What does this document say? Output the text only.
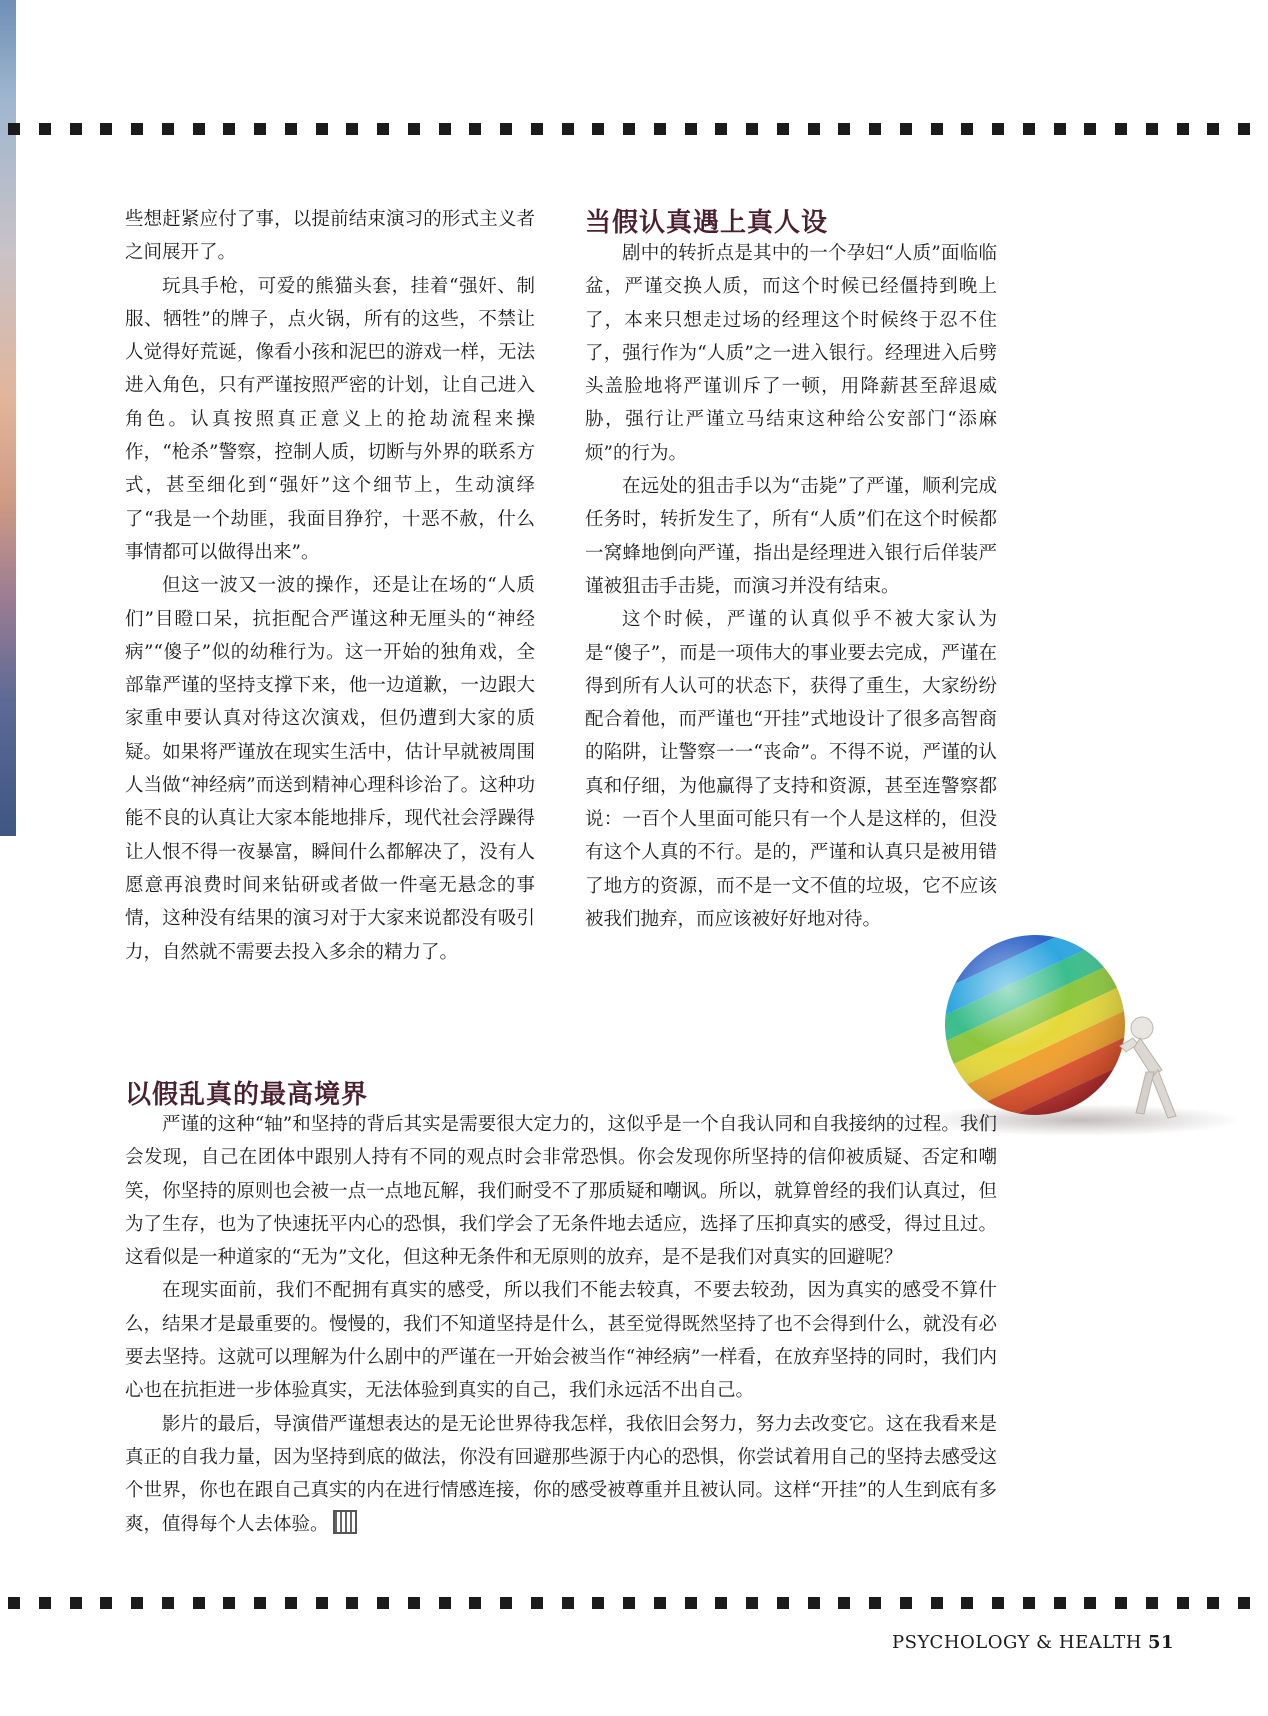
些想赶紧应付了事，以提前结束演习的形式主义者之间展开了。

玩具手枪，可爱的熊猫头套，挂着“强奸、制服、牺牲”的牌子，点火锅，所有的这些，不禁让人觉得好荒诞，像看小孩和泥巴的游戏一样，无法进入角色，只有严谨按照严密的计划，让自己进入角色。认真按照真正意义上的抢劫流程来操作，“枪杀”警察，控制人质，切断与外界的联系方式，甚至细化到“强奸”这个细节上，生动演绎了“我是一个劫匪，我面目狰狞，十恶不赦，什么事情都可以做得出来”。

但这一波又一波的操作，还是让在场的“人质们”目瞪口呆，抗拒配合严谨这种无厘头的“神经病”“傻子”似的幼稚行为。这一开始的独角戏，全部靠严谨的坚持支撑下来，他一边道歉，一边跟大家重申要认真对待这次演戏，但仍遭到大家的质疑。如果将严谨放在现实生活中，估计早就被周围人当做“神经病”而送到精神心理科诊治了。这种功能不良的认真让大家本能地排斥，现代社会浮躁得让人恨不得一夜暴富，瞬间什么都解决了，没有人愿意再浪费时间来钻研或者做一件毫无悬念的事情，这种没有结果的演习对于大家来说都没有吸引力，自然就不需要去投入多余的精力了。

当假认真遇上真人设

剧中的转折点是其中的一个孕妇“人质”面临临盆，严谨交换人质，而这个时候已经僵持到晚上了，本来只想走过场的经理这个时候终于忍不住了，强行作为“人质”之一进入银行。经理进入后劈头盖脸地将严谨训斥了一顿，用降薪甚至辞退威胁，强行让严谨立马结束这种给公安部门“添麻烦”的行为。

在远处的狙击手以为“击毙”了严谨，顺利完成任务时，转折发生了，所有“人质”们在这个时候都一窝蜂地倒向严谨，指出是经理进入银行后佯装严谨被狙击手击毙，而演习并没有结束。

这个时候，严谨的认真似乎不被大家认为是“傻子”，而是一项伟大的事业要去完成，严谨在得到所有人认可的状态下，获得了重生，大家纷纷配合着他，而严谨也“开挂”式地设计了很多高智商的陷阱，让警察一一“丧命”。不得不说，严谨的认真和仔细，为他赢得了支持和资源，甚至连警察都说：一百个人里面可能只有一个人是这样的，但没有这个人真的不行。是的，严谨和认真只是被用错了地方的资源，而不是一文不值的垃圾，它不应该被我们抛弃，而应该被好好地对待。

以假乱真的最高境界

严谨的这种“轴”和坚持的背后其实是需要很大定力的，这似乎是一个自我认同和自我接纳的过程。我们会发现，自己在团体中跟别人持有不同的观点时会非常恐惧。你会发现你所坚持的信仰被质疑、否定和嘲笑，你坚持的原则也会被一点一点地瓦解，我们耐受不了那质疑和嘲讽。所以，就算曾经的我们认真过，但为了生存，也为了快速抚平内心的恐惧，我们学会了无条件地去适应，选择了压抑真实的感受，得过且过。这看似是一种道家的“无为”文化，但这种无条件和无原则的放弃，是不是我们对真实的回避呢？

在现实面前，我们不配拥有真实的感受，所以我们不能去较真，不要去较劲，因为真实的感受不算什么，结果才是最重要的。慢慢的，我们不知道坚持是什么，甚至觉得既然坚持了也不会得到什么，就没有必要去坚持。这就可以理解为什么剧中的严谨在一开始会被当作“神经病”一样看，在放弃坚持的同时，我们内心也在抗拒进一步体验真实，无法体验到真实的自己，我们永远活不出自己。

影片的最后，导演借严谨想表达的是无论世界待我怎样，我依旧会努力，努力去改变它。这在我看来是真正的自我力量，因为坚持到底的做法，你没有回避那些源于内心的恐惧，你尝试着用自己的坚持去感受这个世界，你也在跟自己真实的内在进行情感连接，你的感受被尊重并且被认同。这样“开挂”的人生到底有多爽，值得每个人去体验。

PSYCHOLOGY & HEALTH 51
